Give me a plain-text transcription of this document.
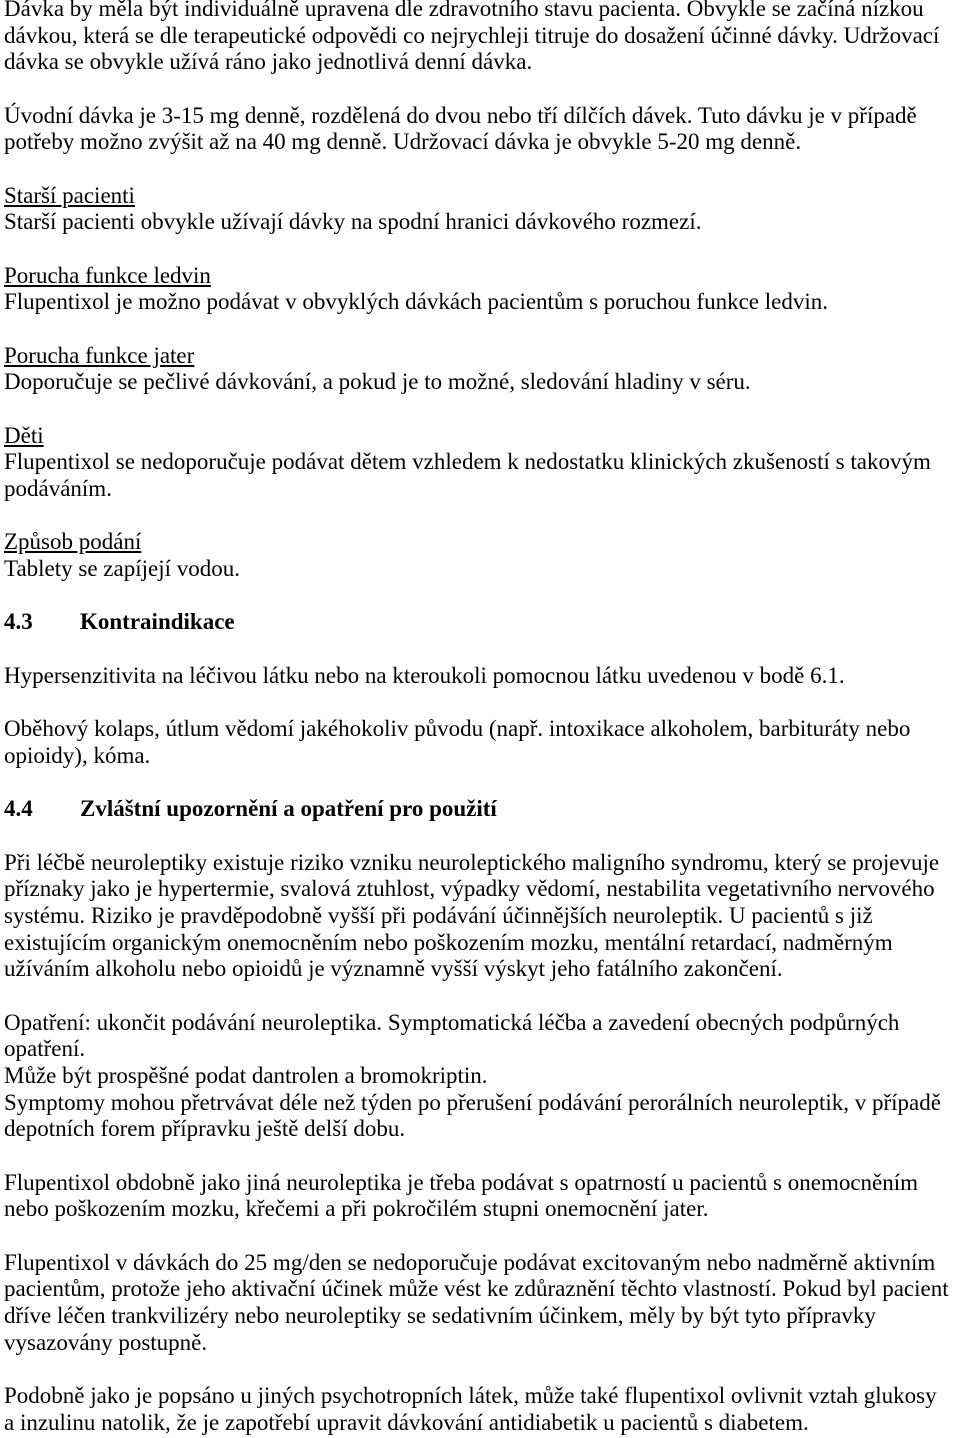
Dávka by měla být individuálně upravena dle zdravotního stavu pacienta. Obvykle se začíná nízkou
dávkou, která se dle terapeutické odpovědi co nejrychleji titruje do dosažení účinné dávky. Udržovací
dávka se obvykle užívá ráno jako jednotlivá denní dávka.
Úvodní dávka je 3-15 mg denně, rozdělená do dvou nebo tří dílčích dávek. Tuto dávku je v případě
potřeby možno zvýšit až na 40 mg denně. Udržovací dávka je obvykle 5-20 mg denně.
Starší pacienti
Starší pacienti obvykle užívají dávky na spodní hranici dávkového rozmezí.
Porucha funkce ledvin
Flupentixol je možno podávat v obvyklých dávkách pacientům s poruchou funkce ledvin.
Porucha funkce jater
Doporučuje se pečlivé dávkování, a pokud je to možné, sledování hladiny v séru.
Děti
Flupentixol se nedoporučuje podávat dětem vzhledem k nedostatku klinických zkušeností s takovým
podáváním.
Způsob podání
Tablety se zapíjejí vodou.
4.3 Kontraindikace
Hypersenzitivita na léčivou látku nebo na kteroukoli pomocnou látku uvedenou v bodě 6.1.
Oběhový kolaps, útlum vědomí jakéhokoliv původu (např. intoxikace alkoholem, barbituráty nebo
opioidy), kóma.
4.4 Zvláštní upozornění a opatření pro použití
Při léčbě neuroleptiky existuje riziko vzniku neuroleptického maligního syndromu, který se projevuje
příznaky jako je hypertermie, svalová ztuhlost, výpadky vědomí, nestabilita vegetativního nervového
systému. Riziko je pravděpodobně vyšší při podávání účinnějších neuroleptik. U pacientů s již
existujícím organickým onemocněním nebo poškozením mozku, mentální retardací, nadměrným
užíváním alkoholu nebo opioidů je významně vyšší výskyt jeho fatálního zakončení.
Opatření: ukončit podávání neuroleptika. Symptomatická léčba a zavedení obecných podpůrných
opatření.
Může být prospěšné podat dantrolen a bromokriptin.
Symptomy mohou přetrvávat déle než týden po přerušení podávání perorálních neuroleptik, v případě
depotních forem přípravku ještě delší dobu.
Flupentixol obdobně jako jiná neuroleptika je třeba podávat s opatrností u pacientů s onemocněním
nebo poškozením mozku, křečemi a při pokročilém stupni onemocnění jater.
Flupentixol v dávkách do 25 mg/den se nedoporučuje podávat excitovaným nebo nadměrně aktivním
pacientům, protože jeho aktivační účinek může vést ke zdůraznění těchto vlastností. Pokud byl pacient
dříve léčen trankvilizéry nebo neuroleptiky se sedativním účinkem, měly by být tyto přípravky
vysazovány postupně.
Podobně jako je popsáno u jiných psychotropních látek, může také flupentixol ovlivnit vztah glukosy
a inzulinu natolik, že je zapotřebí upravit dávkování antidiabetik u pacientů s diabetem.
